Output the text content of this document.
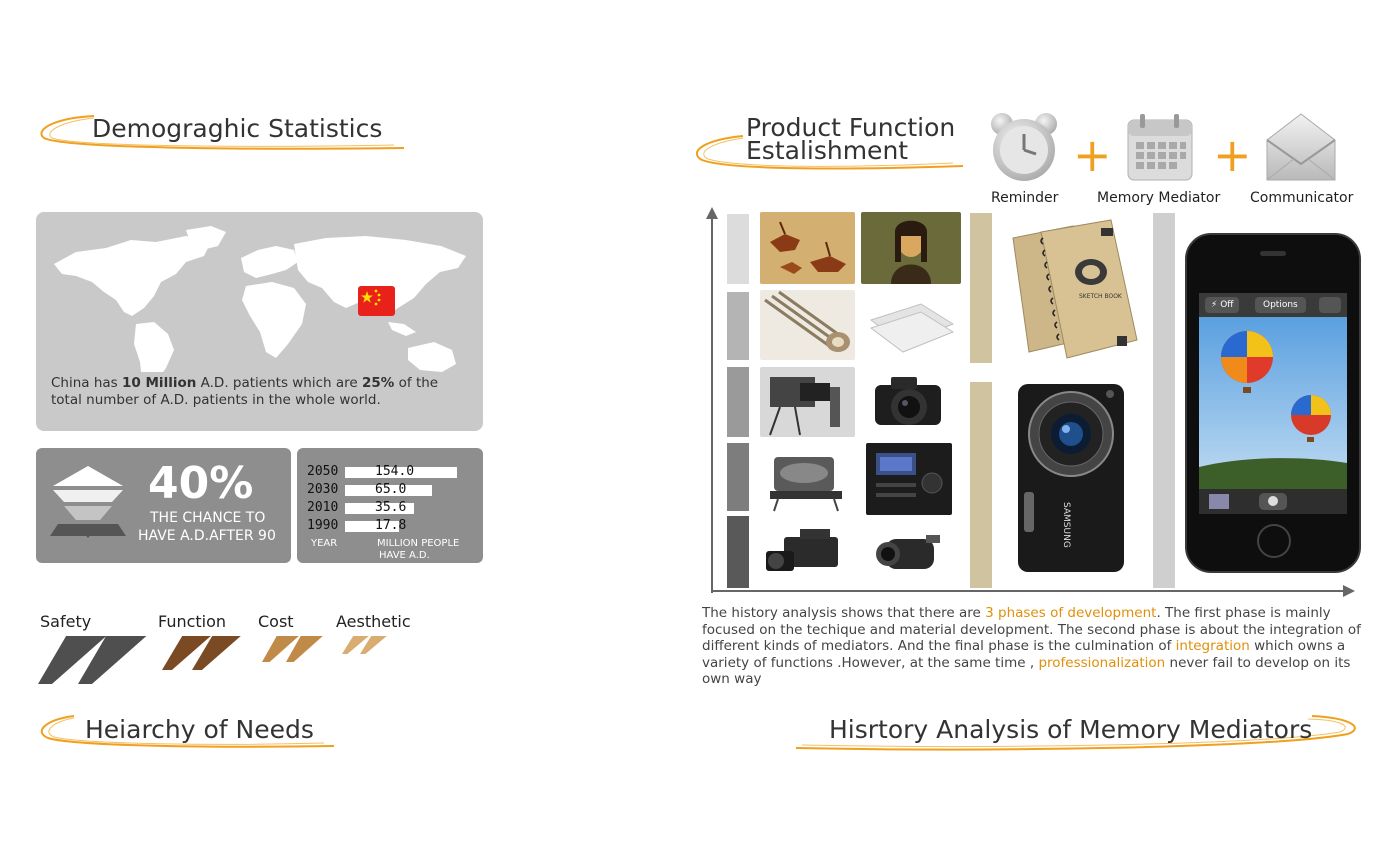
Demograghic Statistics
China has 10 Million A.D. patients which are 25% of the
total number of A.D. patients in the whole world.
40%
THE CHANCE TO
HAVE A.D.AFTER 90
2050	154.0
2030	65.0
2010	35.6
1990	17.8
YEAR	MILLION PEOPLE
HAVE A.D.
Safety	Function Cost	Aesthetic
Heiarchy of Needs
Product Function
Estalishment	+ +
Reminder	Memory Mediator Communicator
SKETCH BOOK
SAMSUNG
⚡ Off	Options
The history analysis shows that there are 3 phases of development. The first phase is mainly focused on the techique and material development. The second phase is about the integration of different kinds of mediators. And the final phase is the culmination of integration which owns a variety of functions .However, at the same time , professionalization never fail to develop on its own way
Hisrtory Analysis of Memory Mediators
